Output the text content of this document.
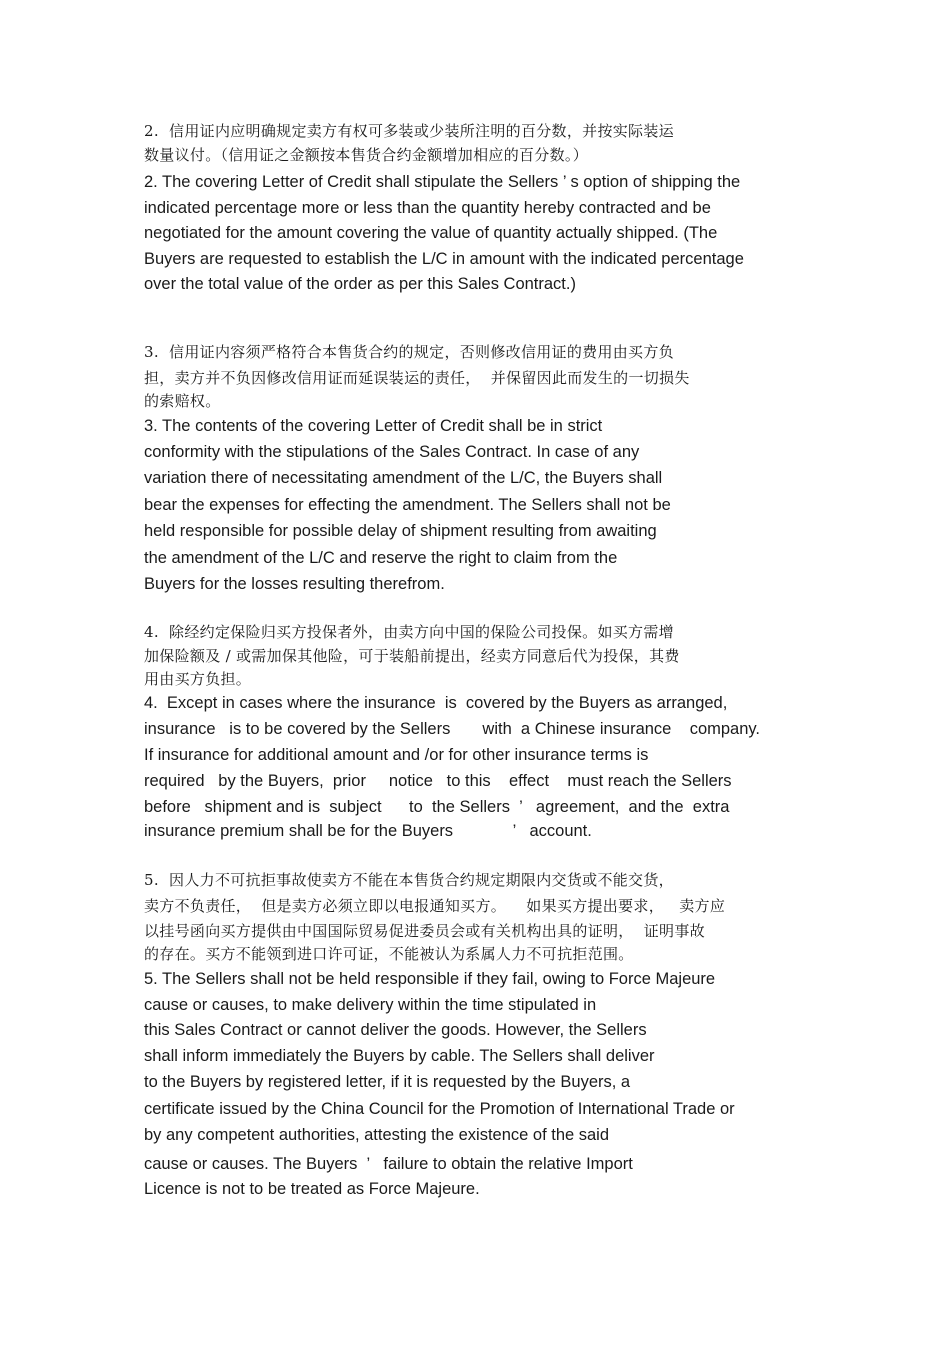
2.  信用证内应明确规定卖方有权可多装或少装所注明的百分数，并按实际装运

数量议付。（信用证之金额按本售货合约金额增加相应的百分数。）

2. The covering Letter of Credit shall stipulate the Sellers ’ s option of shipping the

indicated percentage more or less than the quantity hereby contracted and be

negotiated for the amount covering the value of quantity actually shipped. (The

Buyers are requested to establish the L/C in amount with the indicated percentage

over the total value of the order as per this Sales Contract.)

3.  信用证内容须严格符合本售货合约的规定，否则修改信用证的费用由买方负

担，卖方并不负因修改信用证而延误装运的责任，  并保留因此而发生的一切损失

的索赔权。

3. The contents of the covering Letter of Credit shall be in strict

conformity with the stipulations of the Sales Contract. In case of any

variation there of necessitating amendment of the L/C, the Buyers shall

bear the expenses for effecting the amendment. The Sellers shall not be

held responsible for possible delay of shipment resulting from awaiting

the amendment of the L/C and reserve the right to claim from the

Buyers for the losses resulting therefrom.

4.  除经约定保险归买方投保者外，由卖方向中国的保险公司投保。如买方需增

加保险额及 / 或需加保其他险，可于装船前提出，经卖方同意后代为投保，其费

用由买方负担。

4.  Except in cases where the insurance  is  covered by the Buyers as arranged,

insurance   is to be covered by the Sellers       with  a Chinese insurance    company.

If insurance for additional amount and /or for other insurance terms is

required   by the Buyers,  prior     notice   to this    effect    must reach the Sellers

before   shipment and is  subject      to  the Sellers  ’   agreement,  and the  extra

insurance premium shall be for the Buyers             ’   account.

5.  因人力不可抗拒事故使卖方不能在本售货合约规定期限内交货或不能交货，

卖方不负责任，  但是卖方必须立即以电报通知买方。    如果买方提出要求，   卖方应

以挂号函向买方提供由中国国际贸易促进委员会或有关机构出具的证明，  证明事故

的存在。买方不能领到进口许可证，不能被认为系属人力不可抗拒范围。

5. The Sellers shall not be held responsible if they fail, owing to Force Majeure

cause or causes, to make delivery within the time stipulated in

this Sales Contract or cannot deliver the goods. However, the Sellers

shall inform immediately the Buyers by cable. The Sellers shall deliver

to the Buyers by registered letter, if it is requested by the Buyers, a

certificate issued by the China Council for the Promotion of International Trade or

by any competent authorities, attesting the existence of the said

cause or causes. The Buyers  ’   failure to obtain the relative Import

Licence is not to be treated as Force Majeure.
